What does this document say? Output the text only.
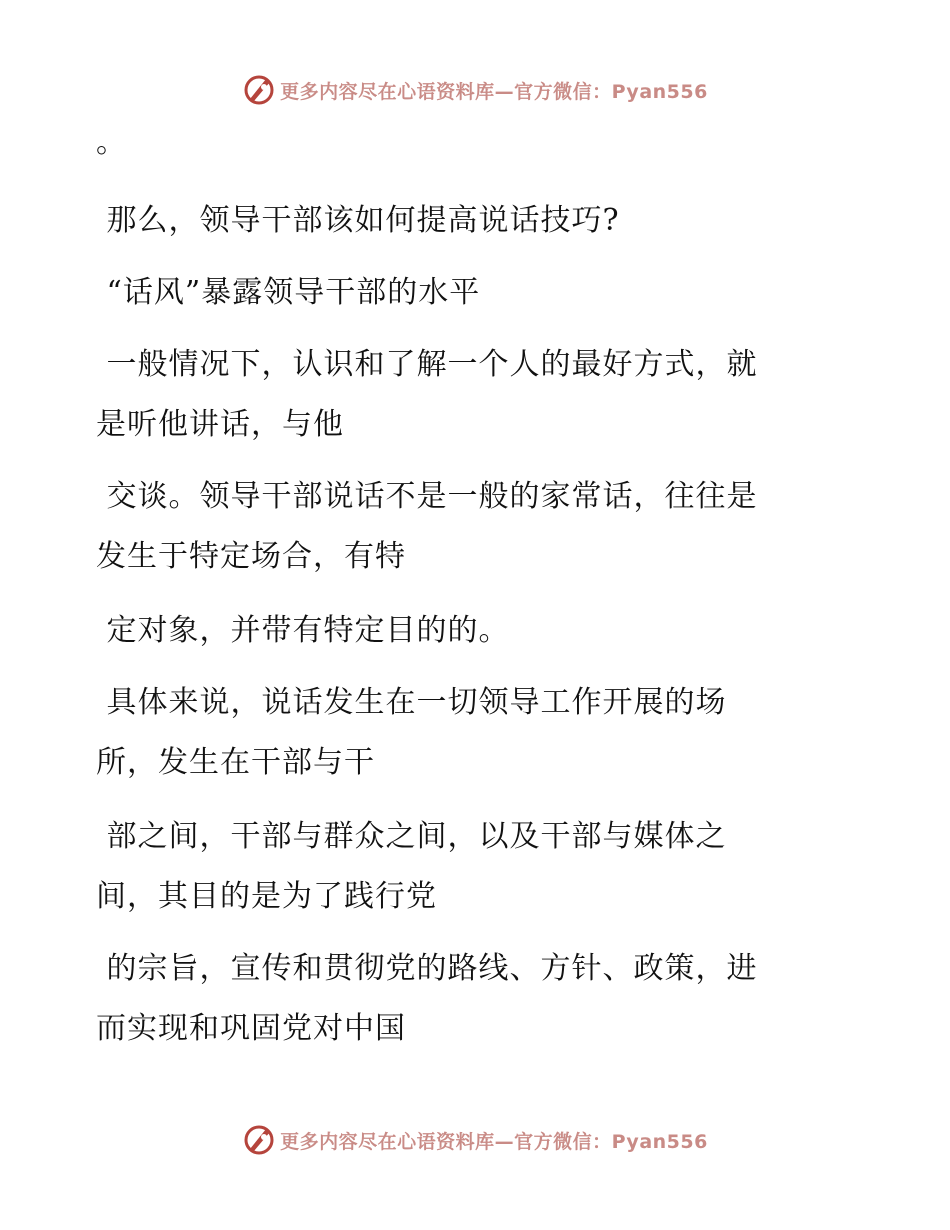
更多内容尽在心语资料库—官方微信：Pyan556

。

那么，领导干部该如何提高说话技巧?

“话风”暴露领导干部的水平

一般情况下，认识和了解一个人的最好方式，就

是听他讲话，与他

交谈。领导干部说话不是一般的家常话，往往是

发生于特定场合，有特

定对象，并带有特定目的的。

具体来说，说话发生在一切领导工作开展的场

所，发生在干部与干

部之间，干部与群众之间，以及干部与媒体之

间，其目的是为了践行党

的宗旨，宣传和贯彻党的路线、方针、政策，进

而实现和巩固党对中国

更多内容尽在心语资料库—官方微信：Pyan556
